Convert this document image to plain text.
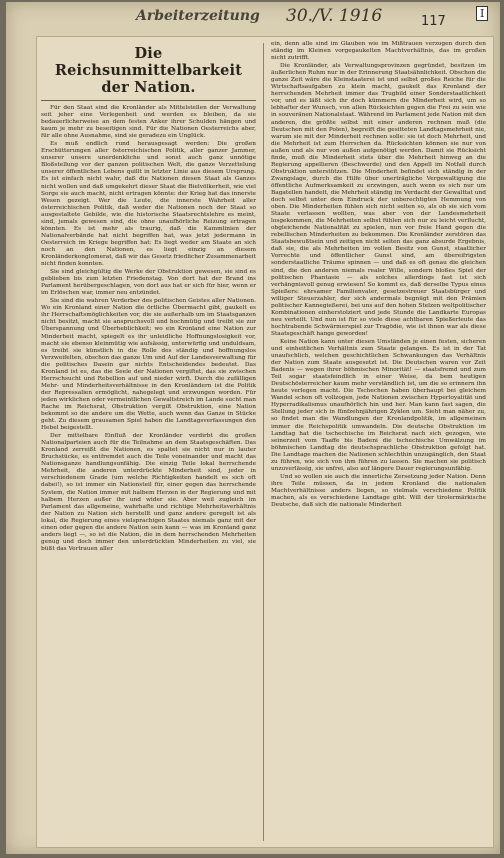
Arbeiterzeitung 30./V. 1916	117
I
Die Reichsunmittelbarkeit der Nation.

Für den Staat sind die Kronländer als Mittelstellen der Verwaltung seit jeher eine Verlegenheit und werden es bleiben, da sie bedauerlicherweise an dem festen Anker ihrer Schulden hängen und kaum je mehr zu beseitigen sind. Für die Nationen Oesterreichs aber, für alle ohne Ausnahme, sind sie geradezu ein Unglück.

Es muß endlich rund herausgesagt werden: Die großen Erschütterungen aller österreichischen Politik, aller ganzer Jammer, unserer unsere unerdenkliche und sonst auch ganz unnötige Bloßstellung vor der ganzen politischen Welt, die ganze Verzettelung unserer öffentlichen Lebens quillt in letzter Linie aus diesem Ursprung. Es ist einfach nicht wahr, daß die Nationen diesen Staat als Ganzes nicht wollen und daß umgekehrt dieser Staat die Bielvölkerheit, wie viel Sorge sie auch macht, nicht ertragen könnte: der Krieg hat das innerste Wesen gezeigt. Wer die Leute, die innerste Wahrheit aller österreichischen Politik, daß weder die Nationen noch der Staat so ausgestaltete Gebilde, wie die historische Staatsrechtslehre es meint, sind, jemals gewesen sind, die ohne unaufhörliche Reizung ertragen könnten. Es ist mehr als traurig, daß die Kammlinien der Nationalverbände hat nicht begriffen hat, was jetzt jedermann in Oesterreich im Kriege begriffen hat: Es liegt weder am Staate an sich noch an den Nationen, es liegt einzig an diesem Kronländerkonglomerat, daß wir das Gesetz friedlicher Zusammenarbeit nicht finden konnten.

Sie sind gleichgültig die Werke der Obstruktion gewesen, sie sind es geblieben bis zum letzten Friedenstag. Von dort hat der Brand ins Parlament herübergeschlagen, von dort aus hat er sich für hier, wenn er im Erlöschen war, immer neu entzündet.

Sie sind die wahren Verderber des politischen Geistes aller Nationen. Wo ein Kronland einer Nation die örtliche Übermacht gibt, gaukelt es ihr Herrschaftsmöglichkeiten vor, die sie außerhalb um im Staatsganzen nicht besitzt, macht sie anspruchsvoll und hochmütig und treibt sie zur Überspannung und Überheblichkeit; wo ein Kronland eine Nation zur Minderheit macht, spiegelt es ihr unleidliche Hoffnungslosigkeit vor, macht sie ebenso kleinmütig wie aufsässig, unterwürfig und unduldsam, es treibt sie künstlich in die Rolle des ständig und hoffnungslos Verzweifelten, obschon das ganze Um und Auf der Landesverwaltung für die politisches Dasein gar nichts Entscheidendes bedeutet. Das Kronland ist es, das die Seele der Nationen vergiftet, das sie zwischen Herrschsucht und Rebellion auf und nieder wirft. Durch die zufälligen Mehr- und Minderheitsverhältnisse in den Kronländern ist die Politik der Repressalien ermöglicht, nahegelegt und erzwungen worden. Für jeden wirklichen oder vermeintlichen Gewaltstreich im Lande sucht man Rache im Reichsrat, Obstruktion vergilt Obstruktion, eine Nation bekommt so die andere um die Wette, auch wenn das Ganze in Stücke geht. Zu diesem grausamen Spiel haben die Landtagsverfassungen den Hebel beigestellt.

Der mittelbare Einfluß der Kronländer verdirbt die großen Nationalparteien auch für die Teilnahme an dem Staatsgeschäften. Das Kronland zerreißt die Nationen, es spaltet sie nicht nur in lauter Bruchstücke, es entfremdet auch die Teile voneinander und macht das Nationsganze handlungsunfähig. Die einzig Teile lokal herrschende Mehrheit, die anderen unterdrückte Minderheit sind, jeder in verschiedenem Grade (um welche Richtigkeiten handelt es sich oft dabei!), so ist immer ein Nationsteil für, einer gegen das herrschende System, die Nation immer mit halbem Herzen in der Regierung und mit halbem Herzen außer ihr und wider sie. Aber weil zugleich im Parlament das allgemeine, wahrhafte und richtige Mehrheitsverhältnis der Nation zu Nation sich herstellt und ganz andere geregelt ist als lokal, die Regierung eines vielsprachigen Staates niemals ganz mit der einen oder gegen die andere Nation sein kann — was im Kronland ganz anders liegt —, so ist die Nation, die in dem herrschenden Mehrheiten genug und doch immer den unterdrückten Minderheiten zu viel, sie büßt das Vertrauen aller

ein, denn alle sind im Glauben wie im Mißtrauen verzogen durch den ständig im Kleinen vorgegaukelten Machtverhältnis, das im großen nicht zutrifft.

Die Kronländer, als Verwaltungsprovinzen gegründet, besitzen im äußerlichen Ruhm nur in der Erinnerung Staatsähnlichkeit. Obschon die ganze Zeit wäre die Kleinstaaterei ist und selbst großes Reiche für die Wirtschaftsaufgaben zu klein macht, gaukelt das Kronland der herrschenden Mehrheit immer das Trugbild einer Sonderstaatlichkeit vor, und es läßt sich ihr doch kümmern die Minderheit wird, um so lebhafter der Wunsch, von allen Rücksichten gegen die Frei zu sein wie in souveränen Nationalstaat. Während im Parlament jede Nation mit den anderen, die größte selbst mit einer anderen rechnen muß (die Deutschen mit den Polen), begreift die gesitteten Landtagsmehrheit nie, warum sie mit der Minderheit rechnen solle: sie ist doch Mehrheit, und die Mehrheit ist zum Herrschen da. Rücksichten können sie nur von außen und als nur von außen aufgenötigt werden. Damit sie Rücksicht finde, muß die Minderheit stets über die Mehrheit hinweg an die Regierung appellieren (Beschwerde) und den Appell im Notfall durch Obstruktion unterstützen. Die Minderheit befindet sich ständig in der Zwangslage, durch die Hilfe über unerträgliche Vergewaltigung die öffentliche Aufmerksamkeit zu erzwingen, auch wenn es sich nur um Bagatellen handelt, die Mehrheit ständig im Verdacht der Gewalttat und doch selbst unter dem Eindruck der unberechtigten Hemmung von oben. Die Minderheiten fühlen sich nicht selten so, als ob sie sich vom Staate verlassen wollten, was aber von der Landesmehrheit losgekommen, die Mehrheiten selbst fühlen sich nur zu leicht verflucht, obgleichende Nationalität zu spielen, nun vor freie Hand gegen die rebellischen Minderheiten zu bekommen. Die Kronländer zerstören das Staatsbewußtsein und zeitigen nicht selten das ganz absurde Ergebnis, daß sie, die als Mehrheiten im vollen Besitz von Gunst, staatlicher Vorrechte und öffentlicher Gunst sind, am übereifrigsten sonderstaatliche Träume spinnen — und daß es oft genau die gleichen sind, die den anderen niemals realer Wille, sondern bloßes Spiel der politischen Phantasie — als solches allerdings fast ist sich verhängnisvoll genug erwiesen! So kommt es, daß derselbe Typus eines Spießers: ehrsamer Familienvater, gesetzestreuer Staatsbürger und williger Steuerzahler, der sich andermals begnügt mit den Prämien politischer Kannegießerei, bei uns auf den hohen Stelzen weltpolitischer Kombinationen einherstolziert und jede Stunde die Landkarte Europas neu verteilt. Und nun ist für so viele diese achtbaren Spießerleute das hochtrabende Schwärmerspiel zur Tragödie, wie ist ihnen war als diese Staatsgeschäft hange gewordeн!

Keine Nation kann unter diesen Umständen je einen festen, sicheren und einheitlichen Verhältnis zum Staate gelangen. Es ist in der Tat unaufschlich, welchen geschichtlichen Schwankungen das Verhältnis der Nation zum Staate ausgesetzt ist. Die Deutschen waren vor Zeit Badenis — wegen ihrer böhmischen Minorität! — staatsfremd und zum Teil sogar staatsfeindlich in einer Weise, da bem heutigen Deutschösterreicher kaum mehr verständlich ist, um die so erinnern ihn heute verlegen macht. Die Tschechen haben überhaupt bei gleichem Wandel schon oft vollzogen, jede Nationen zwischen Hyperloyalität und Hyperradikalismus unaufhörlich hin und her. Man kann fast sagen, die Stellung jeder sich in fünfzehnjährigen Zyklen um. Sieht man näher zu, so findet man die Wandlungen der Kronlandpolitik, im allgemeinen immer die Reichspolitik umwandeln. Die deutsche Obstruktion im Landtag hat die tschechische im Reichsrat nach sich gezogen, wie seinerzeit vom Taaffe bis Badeni die tschechische Umwälzung im böhmischen Landtag die deutschsprachliche Obstruktion gefolgt hat. Die Landtage machen die Nationen schlechthin unzugänglich, den Staat zu führen, wie sich von ihm führen zu lassen. Sie machen sie politisch unzuverlässig, sie unfrei, also auf längere Dauer regierungsunfähig.

Und so wollen sie auch die innerliche Zersetzung jeder Nation. Denn ihre Teile müssen, da in jedem Kronland die nationalen Machtverhältnisse anders liegen, so vielmals verschiedene Politik machen, als es verschiedene Landtage gibt. Will der tirolermärkische Deutsche, daß sich die nationale Minderheit
